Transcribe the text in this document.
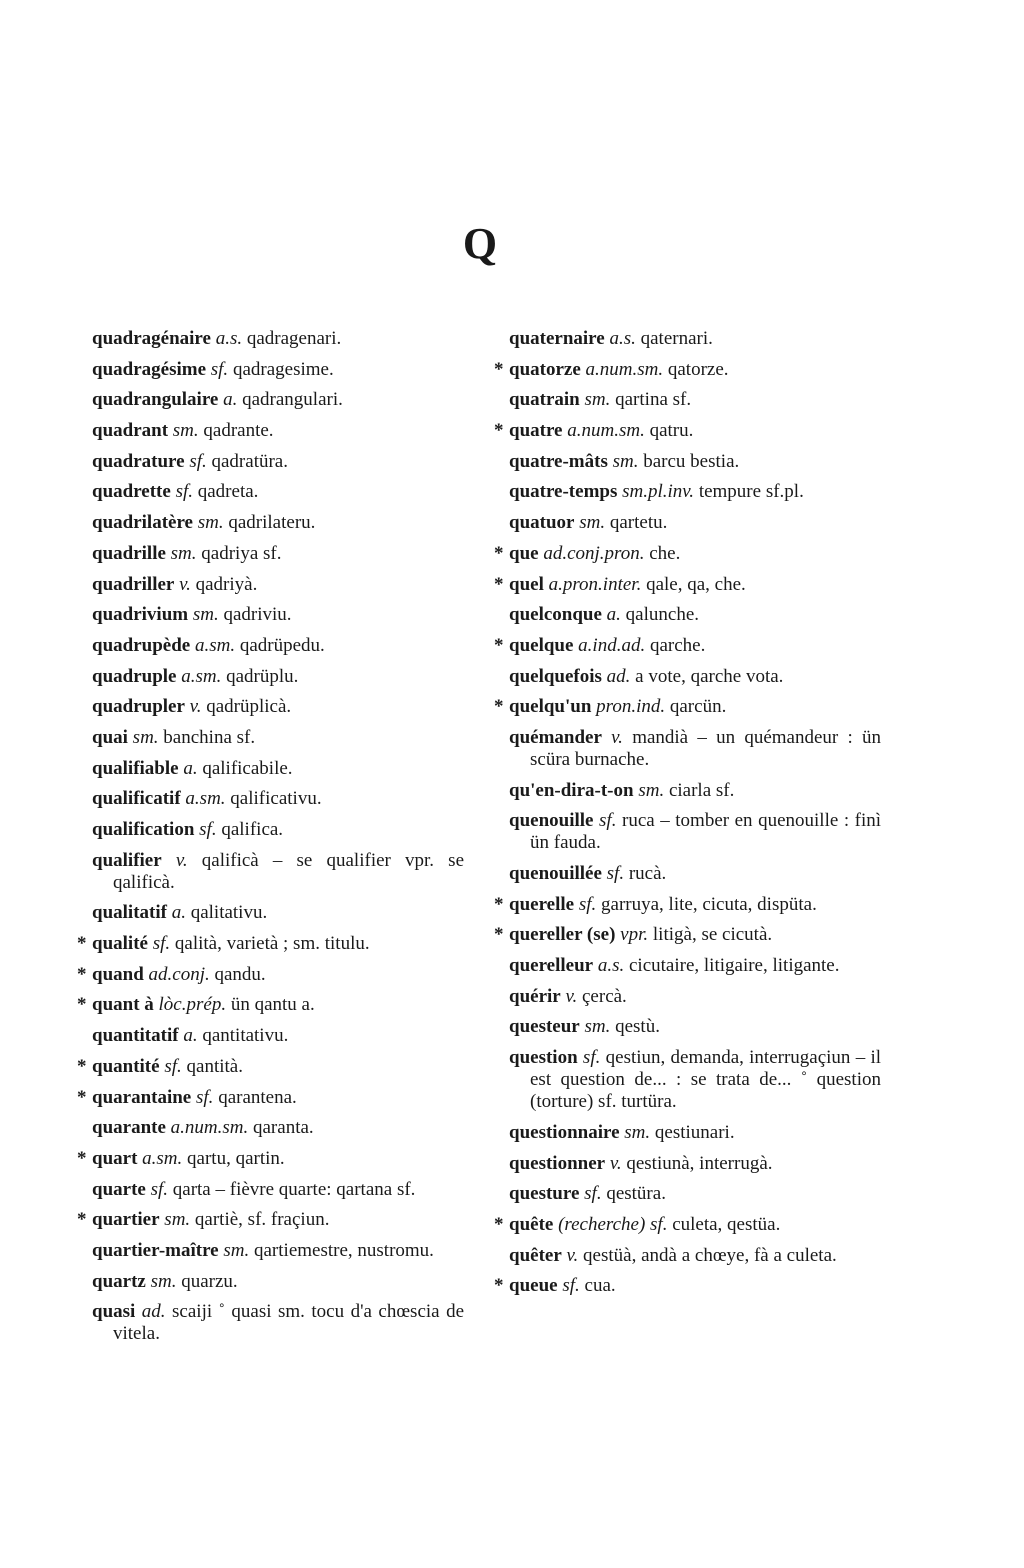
Q
quadragénaire a.s. qadragenari.
quadragésime sf. qadragesime.
quadrangulaire a. qadrangulari.
quadrant sm. qadrante.
quadrature sf. qadratüra.
quadrette sf. qadreta.
quadrilatère sm. qadrilateru.
quadrille sm. qadriya sf.
quadriller v. qadriyà.
quadrivium sm. qadriviu.
quadrupède a.sm. qadrüpedu.
quadruple a.sm. qadrüplu.
quadrupler v. qadrüplicà.
quai sm. banchina sf.
qualifiable a. qalificabile.
qualificatif a.sm. qalificativu.
qualification sf. qalifica.
qualifier v. qalificà – se qualifier vpr. se qalificà.
qualitatif a. qalitativu.
* qualité sf. qalità, varietà ; sm. titulu.
* quand ad.conj. qandu.
* quant à lòc.prép. ün qantu a.
quantitatif a. qantitativu.
* quantité sf. qantità.
* quarantaine sf. qarantena.
quarante a.num.sm. qaranta.
* quart a.sm. qartu, qartin.
quarte sf. qarta – fièvre quarte: qartana sf.
* quartier sm. qartiè, sf. fraçiun.
quartier-maître sm. qartiemestre, nustromu.
quartz sm. quarzu.
quasi ad. scaiji ˚ quasi sm. tocu d'a chœscia de vitela.
quaternaire a.s. qaternari.
* quatorze a.num.sm. qatorze.
quatrain sm. qartina sf.
* quatre a.num.sm. qatru.
quatre-mâts sm. barcu bestia.
quatre-temps sm.pl.inv. tempure sf.pl.
quatuor sm. qartetu.
* que ad.conj.pron. che.
* quel a.pron.inter. qale, qa, che.
quelconque a. qalunche.
* quelque a.ind.ad. qarche.
quelquefois ad. a vote, qarche vota.
* quelqu'un pron.ind. qarcün.
quémander v. mandià – un quémandeur : ün scüra burnache.
qu'en-dira-t-on sm. ciarla sf.
quenouille sf. ruca – tomber en quenouille : finì ün fauda.
quenouillée sf. rucà.
* querelle sf. garruya, lite, cicuta, dispüta.
* quereller (se) vpr. litigà, se cicutà.
querelleur a.s. cicutaire, litigaire, litigante.
quérir v. çercà.
questeur sm. qestù.
question sf. qestiun, demanda, interrugaçiun – il est question de... : se trata de... ˚ question (torture) sf. turtüra.
questionnaire sm. qestiunari.
questionner v. qestiunà, interrugà.
questure sf. qestüra.
* quête (recherche) sf. culeta, qestüa.
quêter v. qestüà, andà a chœye, fà a culeta.
* queue sf. cua.
